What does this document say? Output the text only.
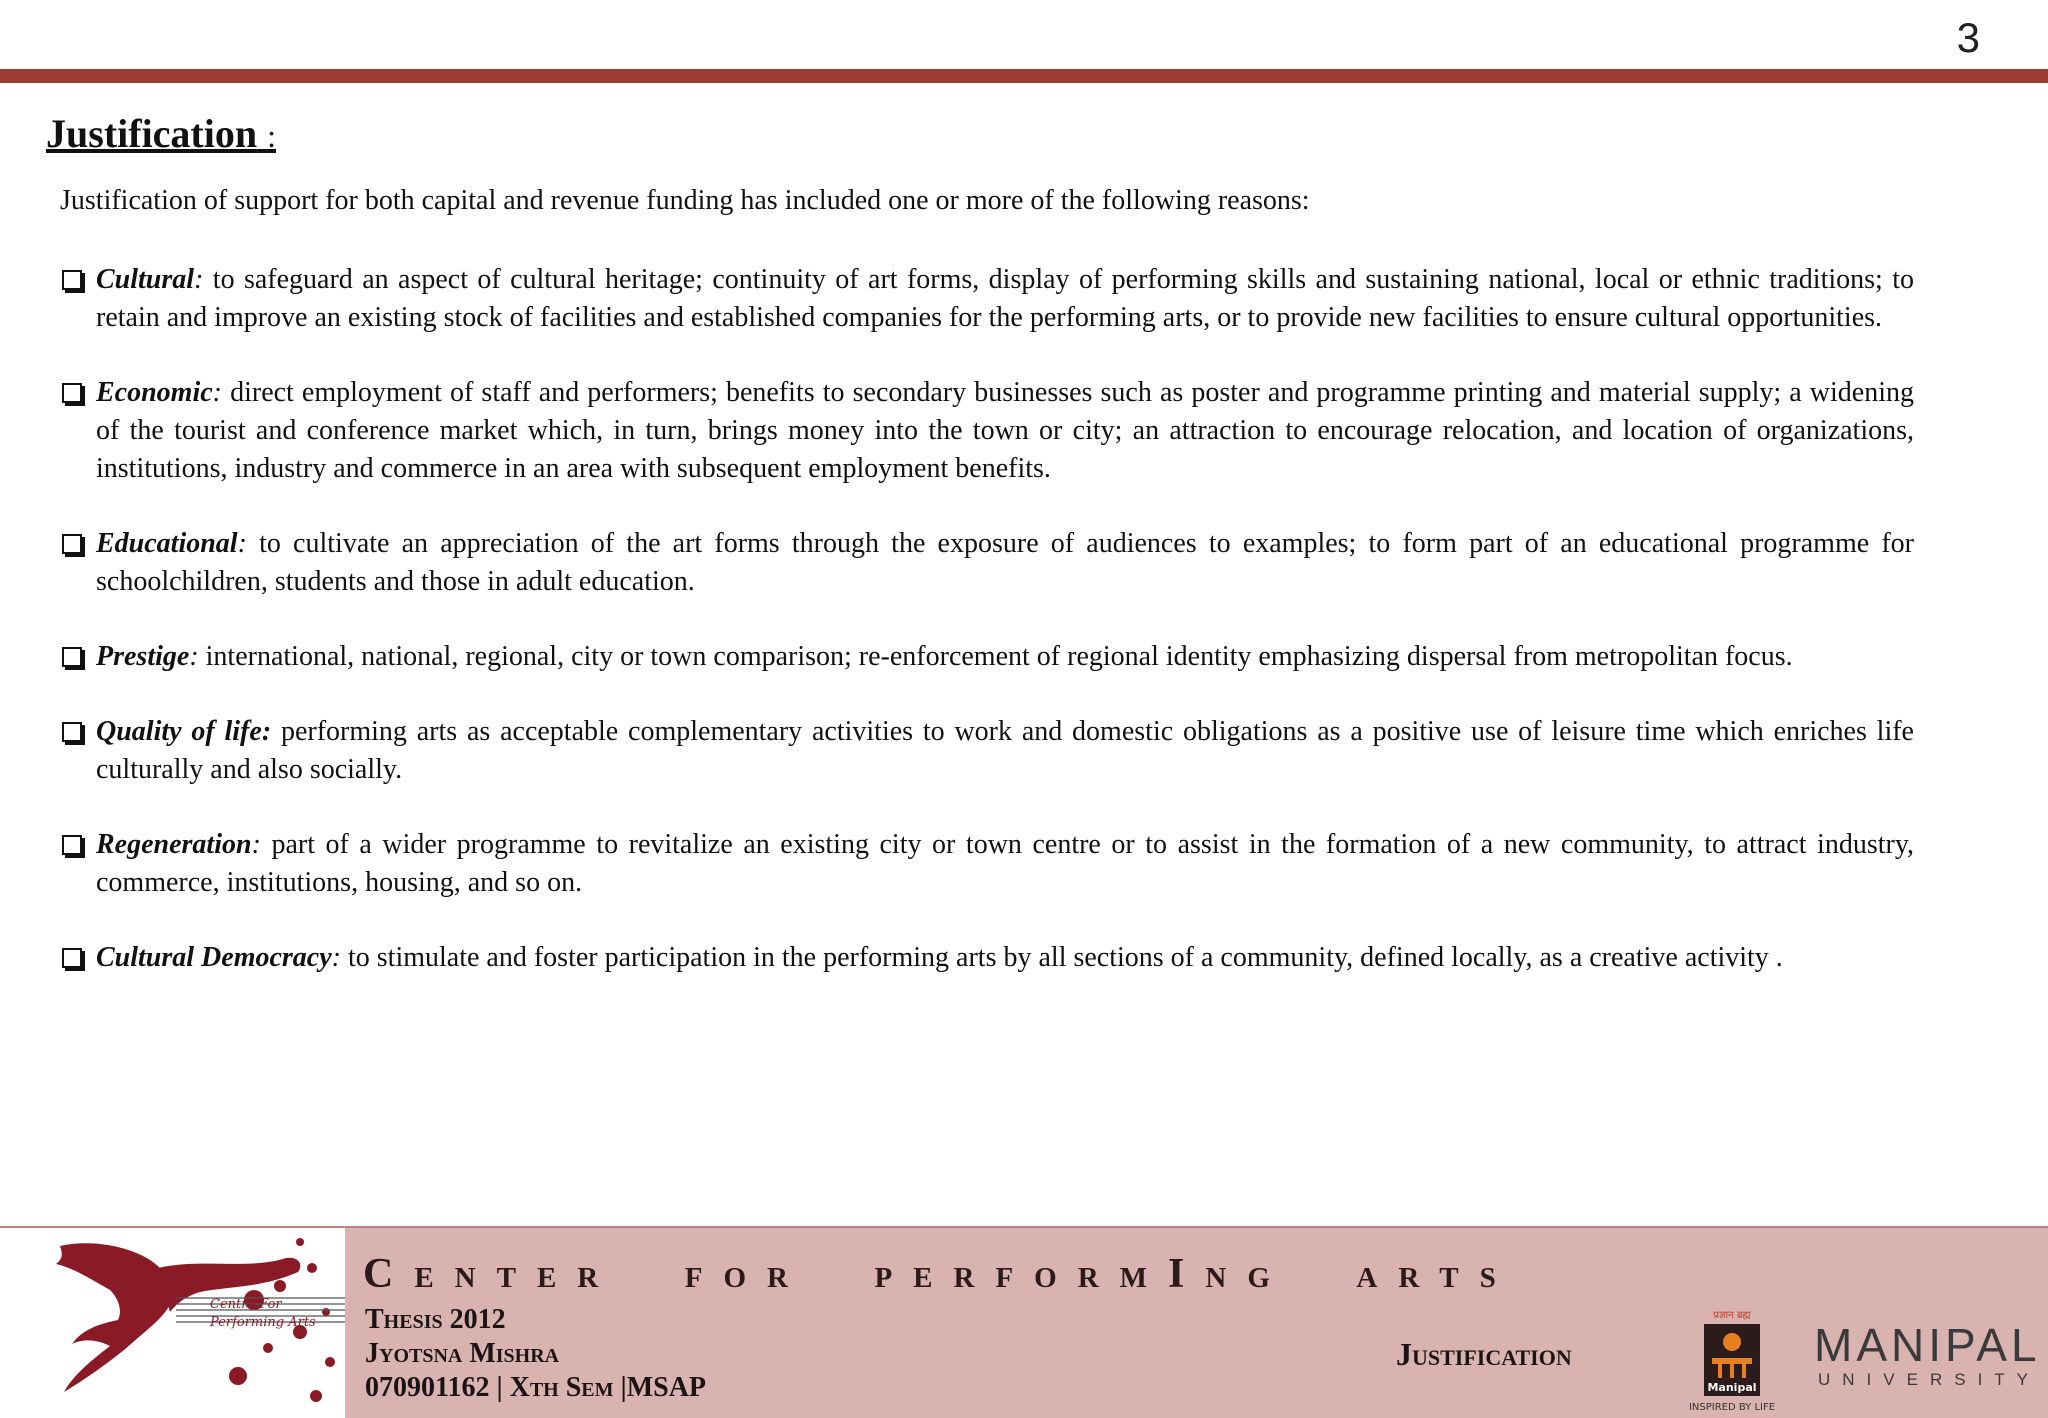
3
Justification :
Justification of support for both capital and revenue funding has included one or more of the following reasons:
Cultural: to safeguard an aspect of cultural heritage; continuity of art forms, display of performing skills and sustaining national, local or ethnic traditions; to retain and improve an existing stock of facilities and established companies for the performing arts, or to provide new facilities to ensure cultural opportunities.
Economic: direct employment of staff and performers; benefits to secondary businesses such as poster and programme printing and material supply; a widening of the tourist and conference market which, in turn, brings money into the town or city; an attraction to encourage relocation, and location of organizations, institutions, industry and commerce in an area with subsequent employment benefits.
Educational: to cultivate an appreciation of the art forms through the exposure of audiences to examples; to form part of an educational programme for schoolchildren, students and those in adult education.
Prestige: international, national, regional, city or town comparison; re-enforcement of regional identity emphasizing dispersal from metropolitan focus.
Quality of life: performing arts as acceptable complementary activities to work and domestic obligations as a positive use of leisure time which enriches life culturally and also socially.
Regeneration: part of a wider programme to revitalize an existing city or town centre or to assist in the formation of a new community, to attract industry, commerce, institutions, housing, and so on.
Cultural Democracy: to stimulate and foster participation in the performing arts by all sections of a community, defined locally, as a creative activity .
Centre For
Performing Arts
Center for performIng arts
Thesis 2012
Jyotsna Mishra
070901162 | Xth Sem |MSAP
Justification
प्रज्ञान ब्रह्म
Manipal
INSPIRED BY LIFE
MANIPAL
UNIVERSITY
